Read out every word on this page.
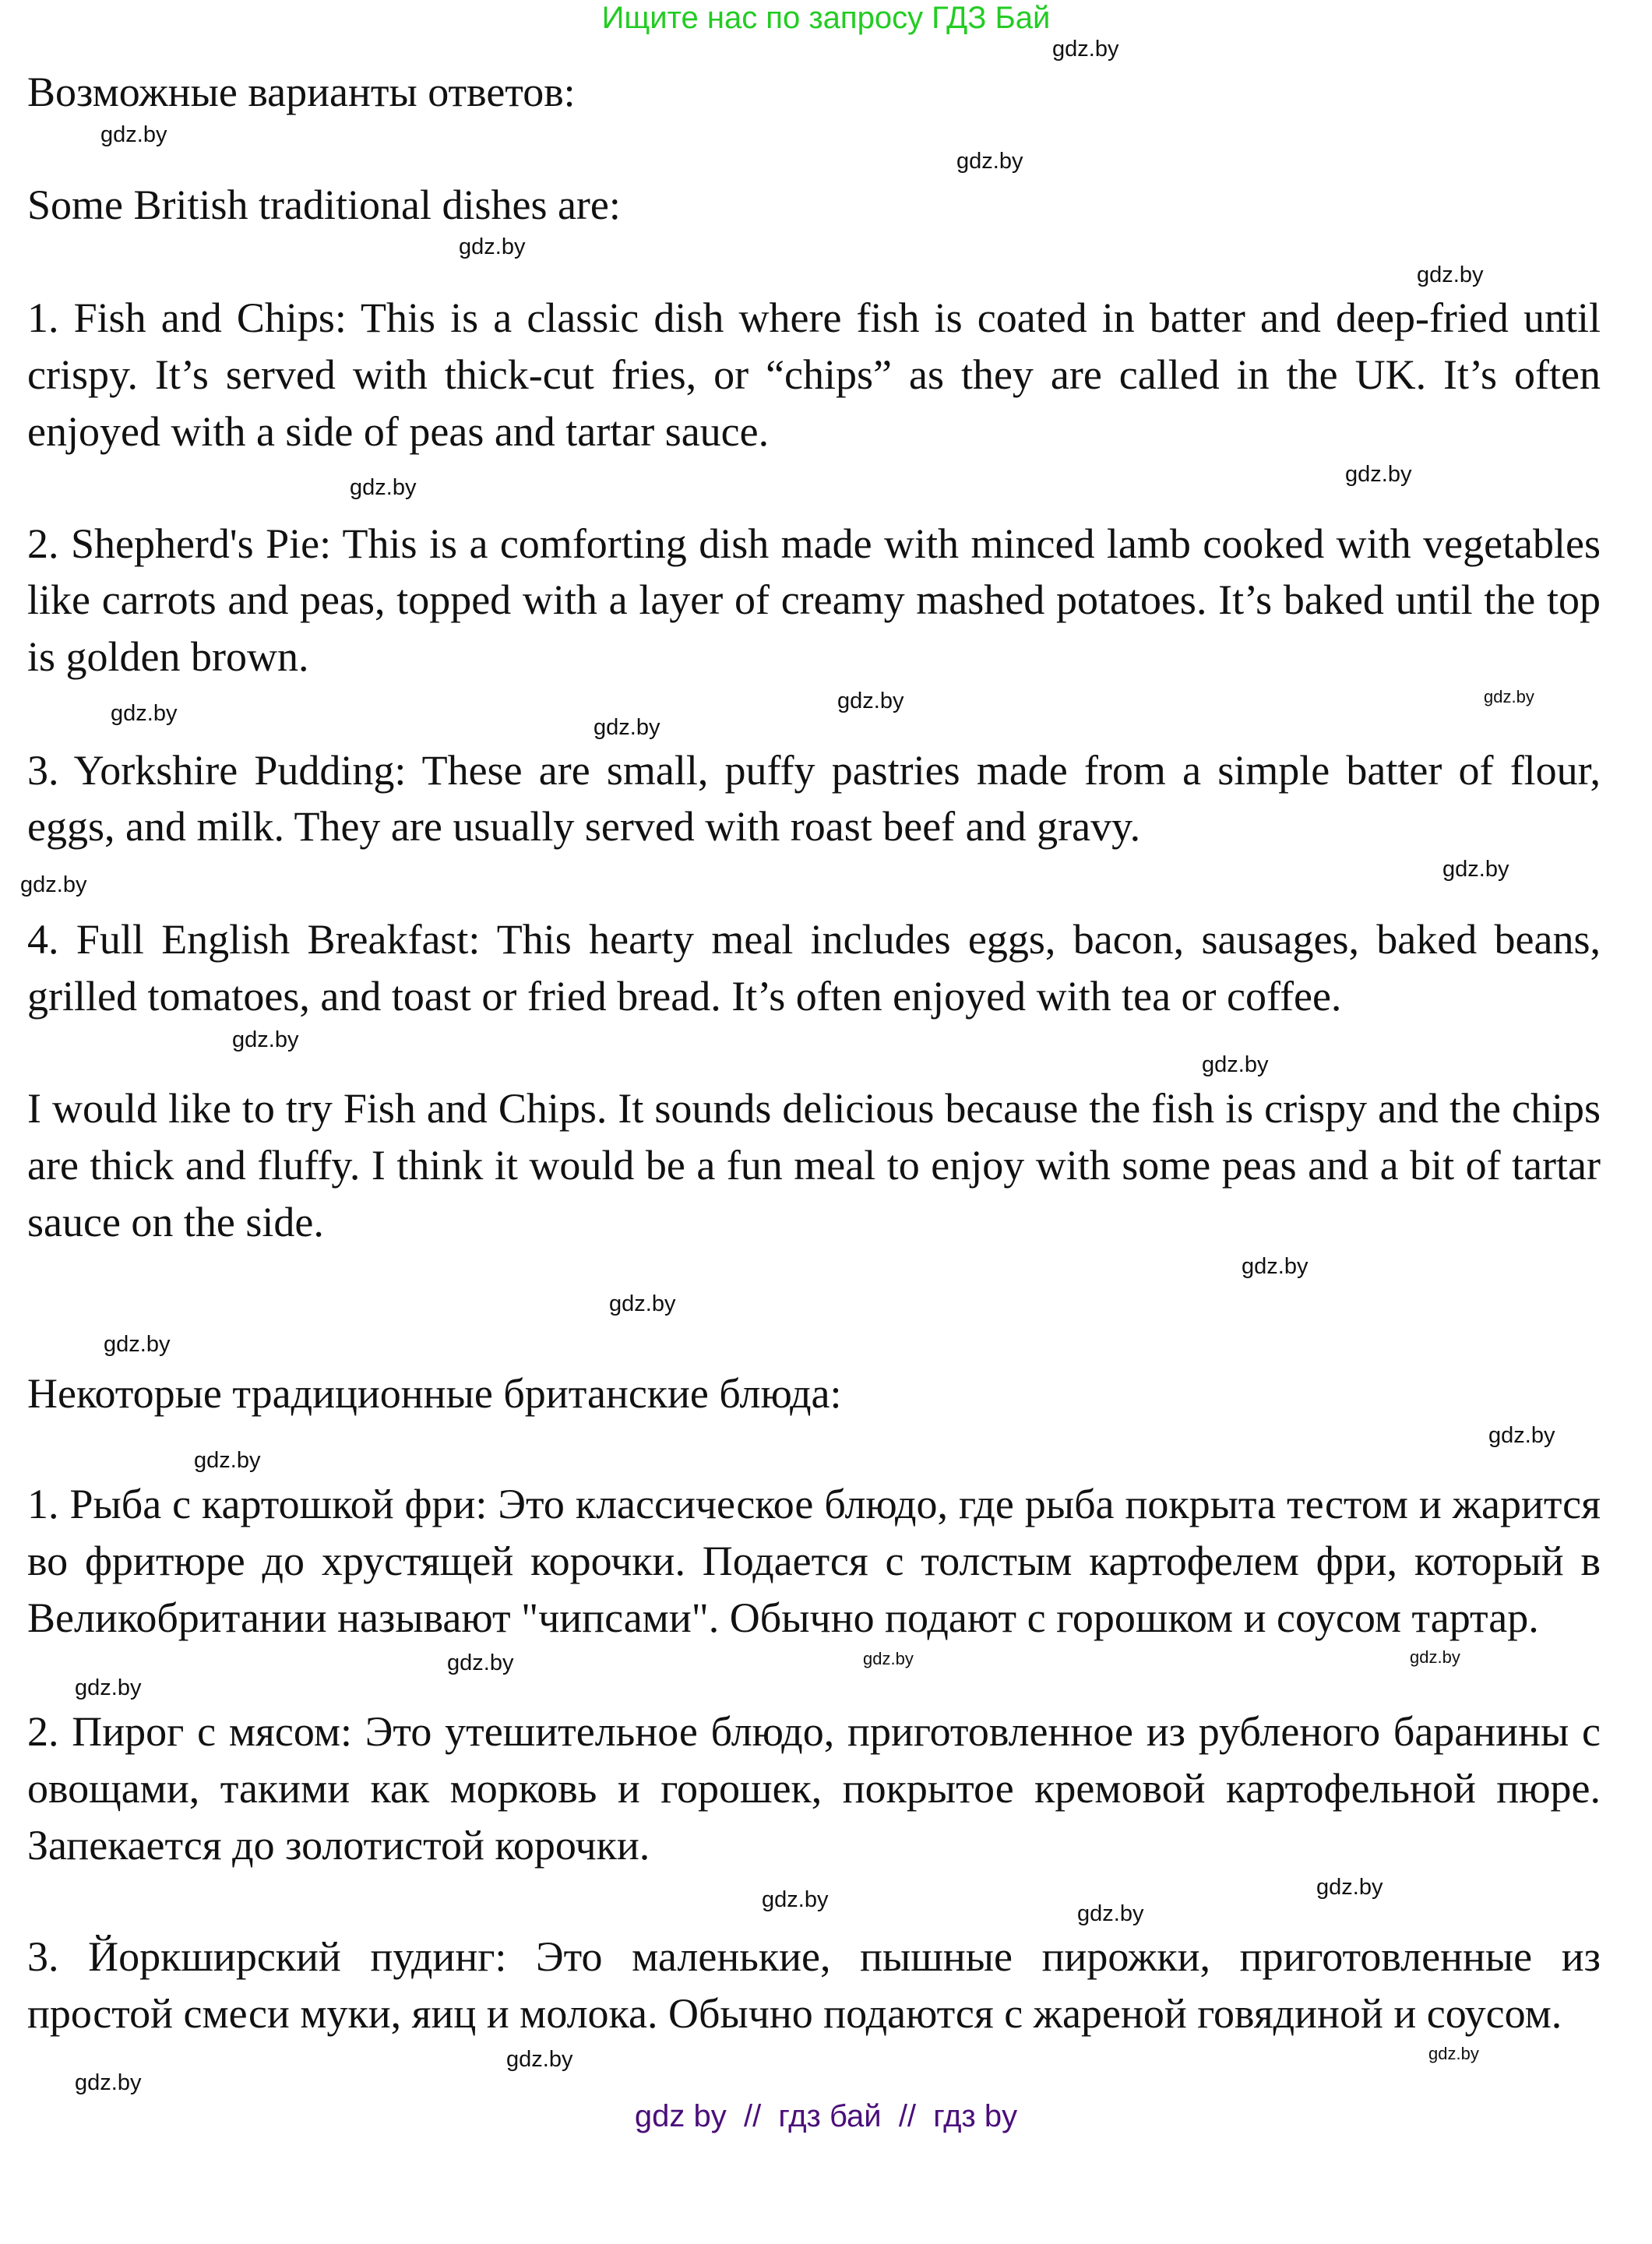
Ищите нас по запросу ГДЗ Бай
gdz.by

Возможные варианты ответов:

gdz.by
gdz.by

Some British traditional dishes are:

gdz.by
gdz.by

1. Fish and Chips: This is a classic dish where fish is coated in batter and deep-fried until crispy. It’s served with thick-cut fries, or “chips” as they are called in the UK. It’s often enjoyed with a side of peas and tartar sauce.

gdz.by
gdz.by

2. Shepherd's Pie: This is a comforting dish made with minced lamb cooked with vegetables like carrots and peas, topped with a layer of creamy mashed potatoes. It’s baked until the top is golden brown.

gdz.by
gdz.by
gdz.by
gdz.by

3. Yorkshire Pudding: These are small, puffy pastries made from a simple batter of flour, eggs, and milk. They are usually served with roast beef and gravy.

gdz.by
gdz.by

4. Full English Breakfast: This hearty meal includes eggs, bacon, sausages, baked beans, grilled tomatoes, and toast or fried bread. It’s often enjoyed with tea or coffee.

gdz.by
gdz.by

I would like to try Fish and Chips. It sounds delicious because the fish is crispy and the chips are thick and fluffy. I think it would be a fun meal to enjoy with some peas and a bit of tartar sauce on the side.

gdz.by
gdz.by
gdz.by

Некоторые традиционные британские блюда:

gdz.by
gdz.by

1. Рыба с картошкой фри: Это классическое блюдо, где рыба покрыта тестом и жарится во фритюре до хрустящей корочки. Подается с толстым картофелем фри, который в Великобритании называют "чипсами". Обычно подают с горошком и соусом тартар.

gdz.by
gdz.by
gdz.by
gdz.by

2. Пирог с мясом: Это утешительное блюдо, приготовленное из рубленого баранины с овощами, такими как морковь и горошек, покрытое кремовой картофельной пюре. Запекается до золотистой корочки.

gdz.by
gdz.by
gdz.by

3. Йоркширский пудинг: Это маленькие, пышные пирожки, приготовленные из простой смеси муки, яиц и молока. Обычно подаются с жареной говядиной и соусом.

gdz.by
gdz.by
gdz.by
gdz by  //  гдз бай  //  гдз by
